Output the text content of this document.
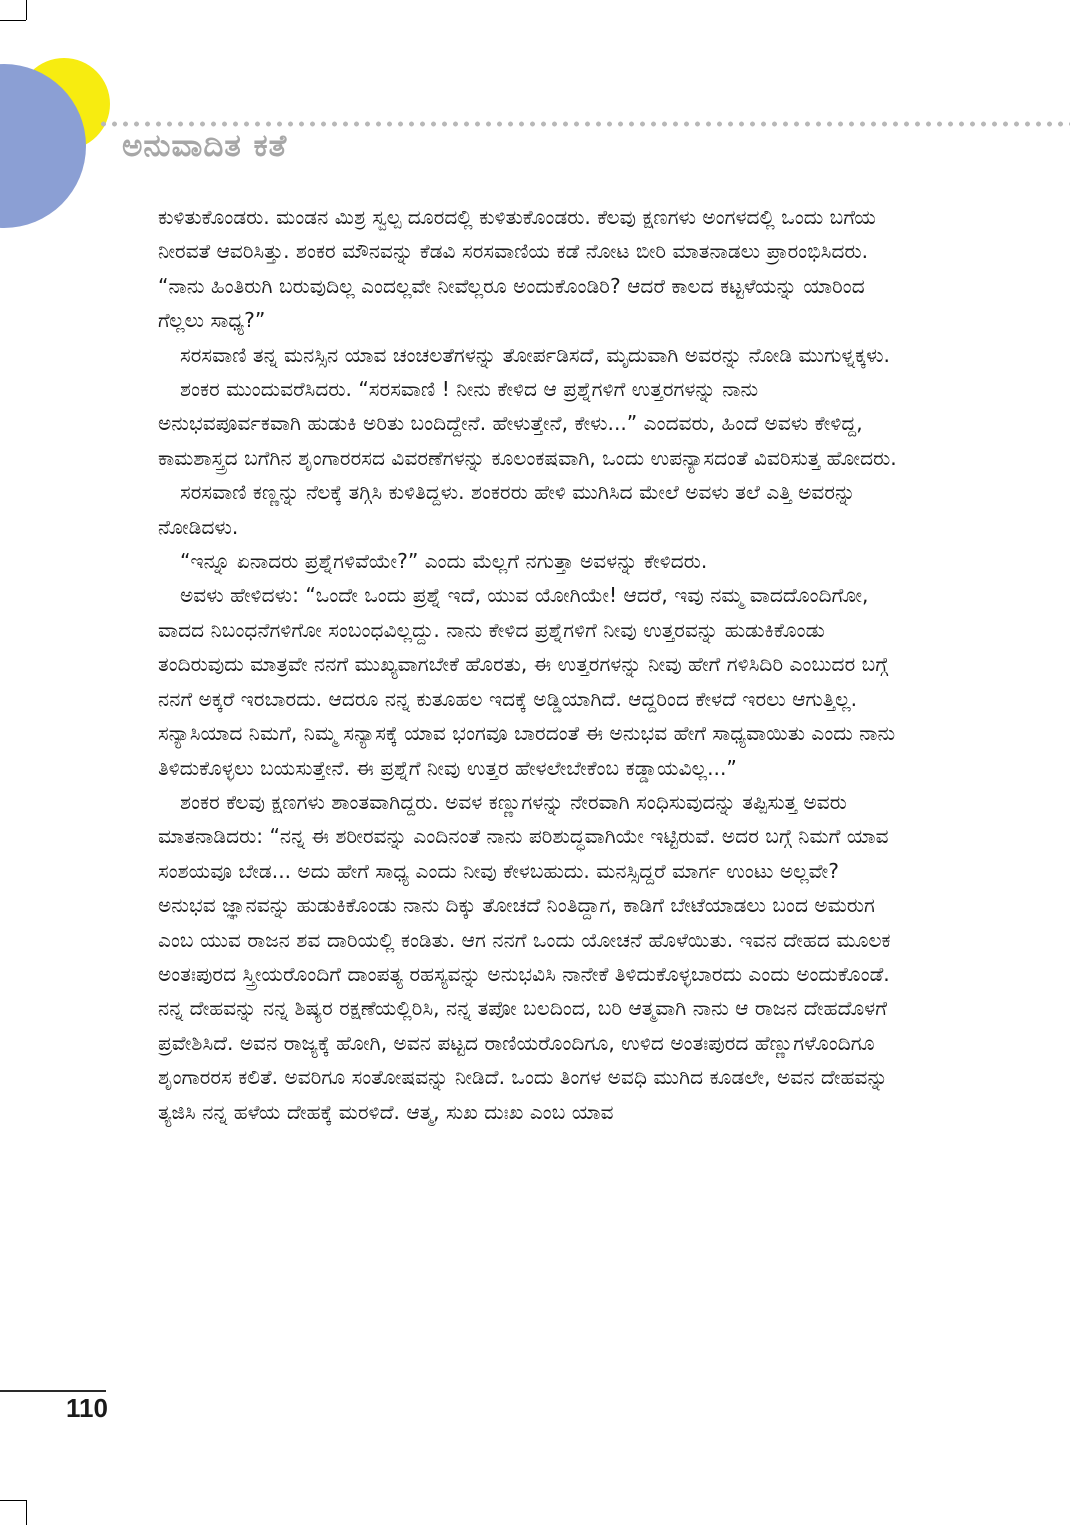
ಅನುವಾದಿತ ಕತೆ

ಕುಳಿತುಕೊಂಡರು. ಮಂಡನ ಮಿಶ್ರ ಸ್ವಲ್ಪ ದೂರದಲ್ಲಿ ಕುಳಿತುಕೊಂಡರು. ಕೆಲವು ಕ್ಷಣಗಳು ಅಂಗಳದಲ್ಲಿ ಒಂದು ಬಗೆಯ ನೀರವತೆ ಆವರಿಸಿತ್ತು. ಶಂಕರ ಮೌನವನ್ನು ಕೆಡವಿ ಸರಸವಾಣಿಯ ಕಡೆ ನೋಟ ಬೀರಿ ಮಾತನಾಡಲು ಪ್ರಾರಂಭಿಸಿದರು. “ನಾನು ಹಿಂತಿರುಗಿ ಬರುವುದಿಲ್ಲ ಎಂದಲ್ಲವೇ ನೀವೆಲ್ಲರೂ ಅಂದುಕೊಂಡಿರಿ? ಆದರೆ ಕಾಲದ ಕಟ್ಟಳೆಯನ್ನು ಯಾರಿಂದ ಗೆಲ್ಲಲು ಸಾಧ್ಯ?”

ಸರಸವಾಣಿ ತನ್ನ ಮನಸ್ಸಿನ ಯಾವ ಚಂಚಲತೆಗಳನ್ನು ತೋರ್ಪಡಿಸದೆ, ಮೃದುವಾಗಿ ಅವರನ್ನು ನೋಡಿ ಮುಗುಳ್ನಕ್ಕಳು.

ಶಂಕರ ಮುಂದುವರೆಸಿದರು. “ಸರಸವಾಣಿ ! ನೀನು ಕೇಳಿದ ಆ ಪ್ರಶ್ನೆಗಳಿಗೆ ಉತ್ತರಗಳನ್ನು ನಾನು ಅನುಭವಪೂರ್ವಕವಾಗಿ ಹುಡುಕಿ ಅರಿತು ಬಂದಿದ್ದೇನೆ. ಹೇಳುತ್ತೇನೆ, ಕೇಳು...” ಎಂದವರು, ಹಿಂದೆ ಅವಳು ಕೇಳಿದ್ದ, ಕಾಮಶಾಸ್ತ್ರದ ಬಗೆಗಿನ ಶೃಂಗಾರರಸದ ವಿವರಣೆಗಳನ್ನು ಕೂಲಂಕಷವಾಗಿ, ಒಂದು ಉಪನ್ಯಾಸದಂತೆ ವಿವರಿಸುತ್ತ ಹೋದರು.

ಸರಸವಾಣಿ ಕಣ್ಣನ್ನು ನೆಲಕ್ಕೆ ತಗ್ಗಿಸಿ ಕುಳಿತಿದ್ದಳು. ಶಂಕರರು ಹೇಳಿ ಮುಗಿಸಿದ ಮೇಲೆ ಅವಳು ತಲೆ ಎತ್ತಿ ಅವರನ್ನು ನೋಡಿದಳು.

“ಇನ್ನೂ ಏನಾದರು ಪ್ರಶ್ನೆಗಳಿವೆಯೇ?” ಎಂದು ಮೆಲ್ಲಗೆ ನಗುತ್ತಾ ಅವಳನ್ನು ಕೇಳಿದರು.

ಅವಳು ಹೇಳಿದಳು: “ಒಂದೇ ಒಂದು ಪ್ರಶ್ನೆ ಇದೆ, ಯುವ ಯೋಗಿಯೇ! ಆದರೆ, ಇವು ನಮ್ಮ ವಾದದೊಂದಿಗೋ, ವಾದದ ನಿಬಂಧನೆಗಳಿಗೋ ಸಂಬಂಧವಿಲ್ಲದ್ದು. ನಾನು ಕೇಳಿದ ಪ್ರಶ್ನೆಗಳಿಗೆ ನೀವು ಉತ್ತರವನ್ನು ಹುಡುಕಿಕೊಂಡು ತಂದಿರುವುದು ಮಾತ್ರವೇ ನನಗೆ ಮುಖ್ಯವಾಗಬೇಕೆ ಹೊರತು, ಈ ಉತ್ತರಗಳನ್ನು ನೀವು ಹೇಗೆ ಗಳಿಸಿದಿರಿ ಎಂಬುದರ ಬಗ್ಗೆ ನನಗೆ ಅಕ್ಕರೆ ಇರಬಾರದು. ಆದರೂ ನನ್ನ ಕುತೂಹಲ ಇದಕ್ಕೆ ಅಡ್ಡಿಯಾಗಿದೆ. ಆದ್ದರಿಂದ ಕೇಳದೆ ಇರಲು ಆಗುತ್ತಿಲ್ಲ. ಸನ್ಯಾಸಿಯಾದ ನಿಮಗೆ, ನಿಮ್ಮ ಸನ್ಯಾಸಕ್ಕೆ ಯಾವ ಭಂಗವೂ ಬಾರದಂತೆ ಈ ಅನುಭವ ಹೇಗೆ ಸಾಧ್ಯವಾಯಿತು ಎಂದು ನಾನು ತಿಳಿದುಕೊಳ್ಳಲು ಬಯಸುತ್ತೇನೆ. ಈ ಪ್ರಶ್ನೆಗೆ ನೀವು ಉತ್ತರ ಹೇಳಲೇಬೇಕೆಂಬ ಕಡ್ಡಾಯವಿಲ್ಲ...”

ಶಂಕರ ಕೆಲವು ಕ್ಷಣಗಳು ಶಾಂತವಾಗಿದ್ದರು. ಅವಳ ಕಣ್ಣುಗಳನ್ನು ನೇರವಾಗಿ ಸಂಧಿಸುವುದನ್ನು ತಪ್ಪಿಸುತ್ತ ಅವರು ಮಾತನಾಡಿದರು: “ನನ್ನ ಈ ಶರೀರವನ್ನು ಎಂದಿನಂತೆ ನಾನು ಪರಿಶುದ್ಧವಾಗಿಯೇ ಇಟ್ಟಿರುವೆ. ಅದರ ಬಗ್ಗೆ ನಿಮಗೆ ಯಾವ ಸಂಶಯವೂ ಬೇಡ... ಅದು ಹೇಗೆ ಸಾಧ್ಯ ಎಂದು ನೀವು ಕೇಳಬಹುದು. ಮನಸ್ಸಿದ್ದರೆ ಮಾರ್ಗ ಉಂಟು ಅಲ್ಲವೇ? ಅನುಭವ ಜ್ಞಾನವನ್ನು ಹುಡುಕಿಕೊಂಡು ನಾನು ದಿಕ್ಕು ತೋಚದೆ ನಿಂತಿದ್ದಾಗ, ಕಾಡಿಗೆ ಬೇಟೆಯಾಡಲು ಬಂದ ಅಮರುಗ ಎಂಬ ಯುವ ರಾಜನ ಶವ ದಾರಿಯಲ್ಲಿ ಕಂಡಿತು. ಆಗ ನನಗೆ ಒಂದು ಯೋಚನೆ ಹೊಳೆಯಿತು. ಇವನ ದೇಹದ ಮೂಲಕ ಅಂತಃಪುರದ ಸ್ತ್ರೀಯರೊಂದಿಗೆ ದಾಂಪತ್ಯ ರಹಸ್ಯವನ್ನು ಅನುಭವಿಸಿ ನಾನೇಕೆ ತಿಳಿದುಕೊಳ್ಳಬಾರದು ಎಂದು ಅಂದುಕೊಂಡೆ. ನನ್ನ ದೇಹವನ್ನು ನನ್ನ ಶಿಷ್ಯರ ರಕ್ಷಣೆಯಲ್ಲಿರಿಸಿ, ನನ್ನ ತಪೋ ಬಲದಿಂದ, ಬರಿ ಆತ್ಮವಾಗಿ ನಾನು ಆ ರಾಜನ ದೇಹದೊಳಗೆ ಪ್ರವೇಶಿಸಿದೆ. ಅವನ ರಾಜ್ಯಕ್ಕೆ ಹೋಗಿ, ಅವನ ಪಟ್ಟದ ರಾಣಿಯರೊಂದಿಗೂ, ಉಳಿದ ಅಂತಃಪುರದ ಹೆಣ್ಣುಗಳೊಂದಿಗೂ ಶೃಂಗಾರರಸ ಕಲಿತೆ. ಅವರಿಗೂ ಸಂತೋಷವನ್ನು ನೀಡಿದೆ. ಒಂದು ತಿಂಗಳ ಅವಧಿ ಮುಗಿದ ಕೂಡಲೇ, ಅವನ ದೇಹವನ್ನು ತ್ಯಜಿಸಿ ನನ್ನ ಹಳೆಯ ದೇಹಕ್ಕೆ ಮರಳಿದೆ. ಆತ್ಮ, ಸುಖ ದುಃಖ ಎಂಬ ಯಾವ

110
